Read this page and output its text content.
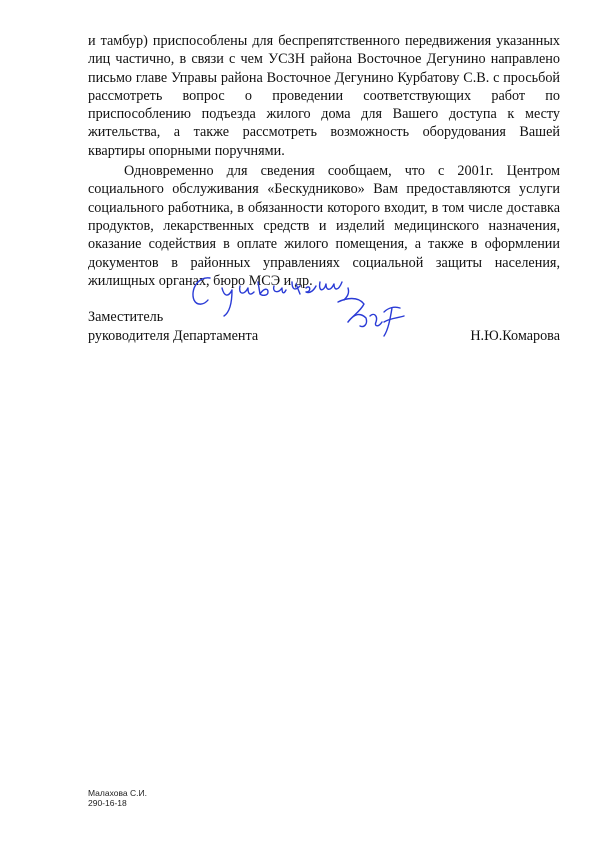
и тамбур) приспособлены для беспрепятственного передвижения указанных лиц частично, в связи с чем УСЗН района Восточное Дегунино направлено письмо главе Управы района Восточное Дегунино Курбатову С.В. с просьбой рассмотреть вопрос о проведении соответствующих работ по приспособлению подъезда жилого дома для Вашего доступа к месту жительства, а также рассмотреть возможность оборудования Вашей квартиры опорными поручнями.

Одновременно для сведения сообщаем, что с 2001г. Центром социального обслуживания «Бескудниково» Вам предоставляются услуги социального работника, в обязанности которого входит, в том числе доставка продуктов, лекарственных средств и изделий медицинского назначения, оказание содействия в оплате жилого помещения, а также в оформлении документов в районных управлениях социальной защиты населения, жилищных органах, бюро МСЭ и др.

Заместитель
руководителя Департамента	Н.Ю.Комарова
Малахова С.И.
290-16-18
